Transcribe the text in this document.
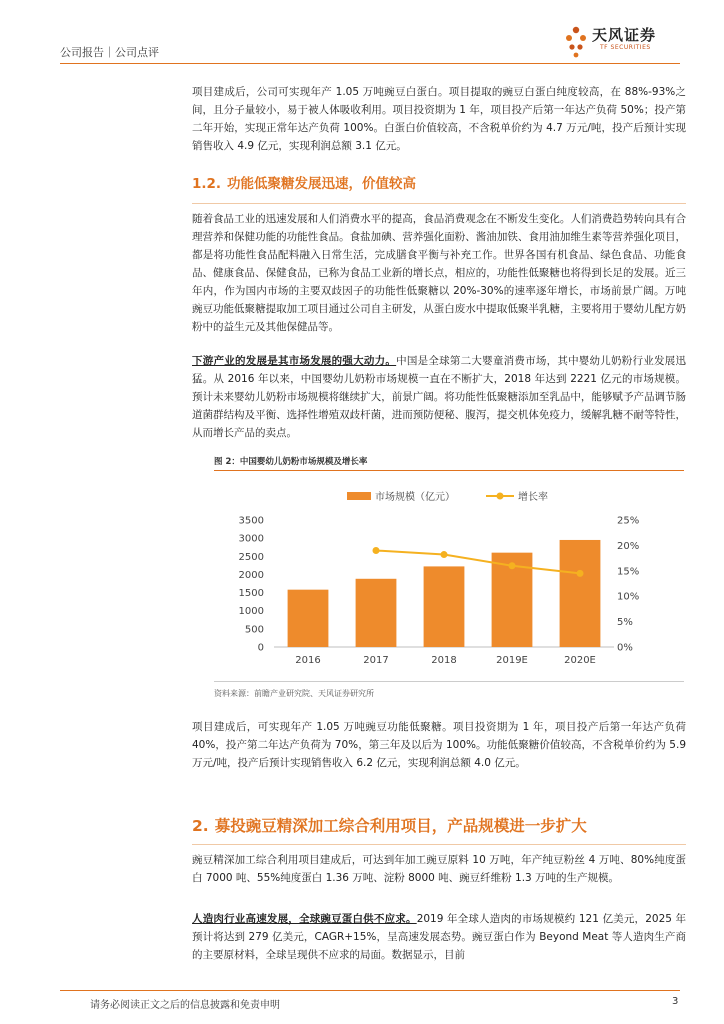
公司报告｜公司点评
天风证券
TF SECURITIES

项目建成后，公司可实现年产 1.05 万吨豌豆白蛋白。项目提取的豌豆白蛋白纯度较高，在 88%-93%之间，且分子量较小，易于被人体吸收利用。项目投资期为 1 年，项目投产后第一年达产负荷 50%；投产第二年开始，实现正常年达产负荷 100%。白蛋白价值较高，不含税单价约为 4.7 万元/吨，投产后预计实现销售收入 4.9 亿元，实现利润总额 3.1 亿元。

1.2. 功能低聚糖发展迅速，价值较高

随着食品工业的迅速发展和人们消费水平的提高，食品消费观念在不断发生变化。人们消费趋势转向具有合理营养和保健功能的功能性食品。食盐加碘、营养强化面粉、酱油加铁、食用油加维生素等营养强化项目，都是将功能性食品配料融入日常生活，完成膳食平衡与补充工作。世界各国有机食品、绿色食品、功能食品、健康食品、保健食品，已称为食品工业新的增长点，相应的，功能性低聚糖也将得到长足的发展。近三年内，作为国内市场的主要双歧因子的功能性低聚糖以 20%-30%的速率逐年增长，市场前景广阔。万吨豌豆功能低聚糖提取加工项目通过公司自主研发，从蛋白废水中提取低聚半乳糖，主要将用于婴幼儿配方奶粉中的益生元及其他保健品等。

下游产业的发展是其市场发展的强大动力。中国是全球第二大婴童消费市场，其中婴幼儿奶粉行业发展迅猛。从 2016 年以来，中国婴幼儿奶粉市场规模一直在不断扩大，2018 年达到 2221 亿元的市场规模。预计未来婴幼儿奶粉市场规模将继续扩大，前景广阔。将功能性低聚糖添加至乳品中，能够赋予产品调节肠道菌群结构及平衡、选择性增殖双歧杆菌，进而预防便秘、腹泻，提交机体免疫力，缓解乳糖不耐等特性，从而增长产品的卖点。

图 2：中国婴幼儿奶粉市场规模及增长率
市场规模（亿元）	增长率
0
500
1000
1500
2000
2500
3000
3500
0%
5%
10%
15%
20%
25%
2016	2017	2018	2019E	2020E
资料来源：前瞻产业研究院、天风证券研究所

项目建成后，可实现年产 1.05 万吨豌豆功能低聚糖。项目投资期为 1 年，项目投产后第一年达产负荷 40%，投产第二年达产负荷为 70%，第三年及以后为 100%。功能低聚糖价值较高，不含税单价约为 5.9 万元/吨，投产后预计实现销售收入 6.2 亿元，实现利润总额 4.0 亿元。

2. 募投豌豆精深加工综合利用项目，产品规模进一步扩大

豌豆精深加工综合利用项目建成后，可达到年加工豌豆原料 10 万吨，年产纯豆粉丝 4 万吨、80%纯度蛋白 7000 吨、55%纯度蛋白 1.36 万吨、淀粉 8000 吨、豌豆纤维粉 1.3 万吨的生产规模。

人造肉行业高速发展，全球豌豆蛋白供不应求。2019 年全球人造肉的市场规模约 121 亿美元，2025 年预计将达到 279 亿美元，CAGR+15%，呈高速发展态势。豌豆蛋白作为 Beyond Meat 等人造肉生产商的主要原材料，全球呈现供不应求的局面。数据显示，目前

请务必阅读正文之后的信息披露和免责申明	3
